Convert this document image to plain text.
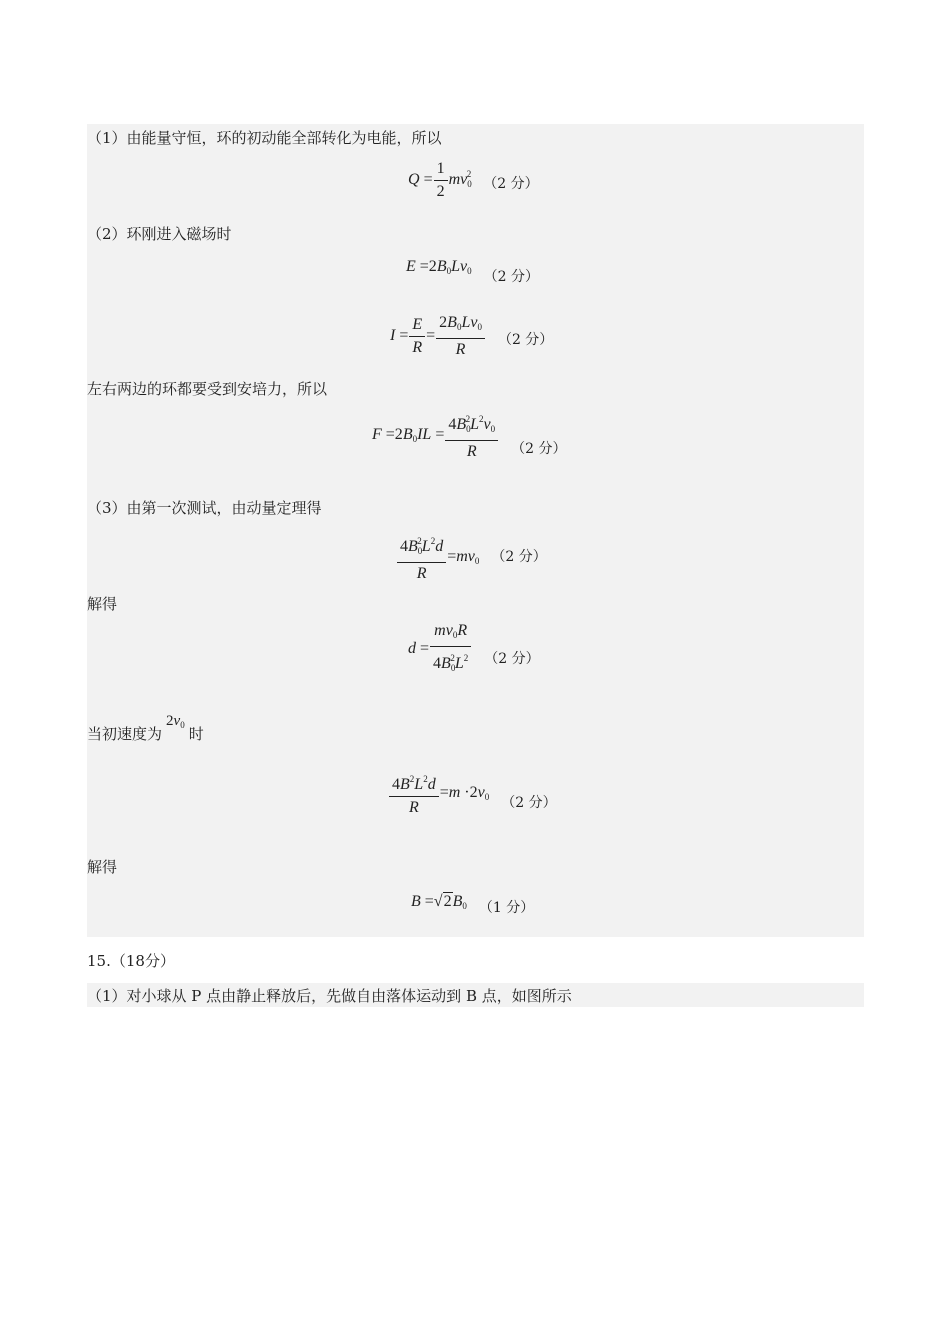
（1）由能量守恒，环的初动能全部转化为电能，所以
$Q = \frac{1}{2} mv_0^2$ （2 分）
（2）环刚进入磁场时
$E =2B_0Lv_0$ （2 分）
$I = \frac{E}{R} = \frac{2B_0Lv_0}{R} (2$ 分）
左右两边的环都要受到安培力，所以
$F =2B_0IL = \frac{4B_0^2L^2v_0}{R} (2$ 分）
（3）由第一次测试，由动量定理得
$\frac{4B_0^2L^2d}{R} =mv_0$ （2 分）
解得
$d = \frac{mv_0R}{4B_0^2L^2} (2$ 分）
当初速度为$2v_0$ 时
$\frac{4B^2L^2d}{R} =m \cdot 2v_0$ （2 分）
解得
$B =√2B_0$ （1 分）
15.（18分）
（1）对小球从 P 点由静止释放后，先做自由落体运动到 B 点，如图所示
